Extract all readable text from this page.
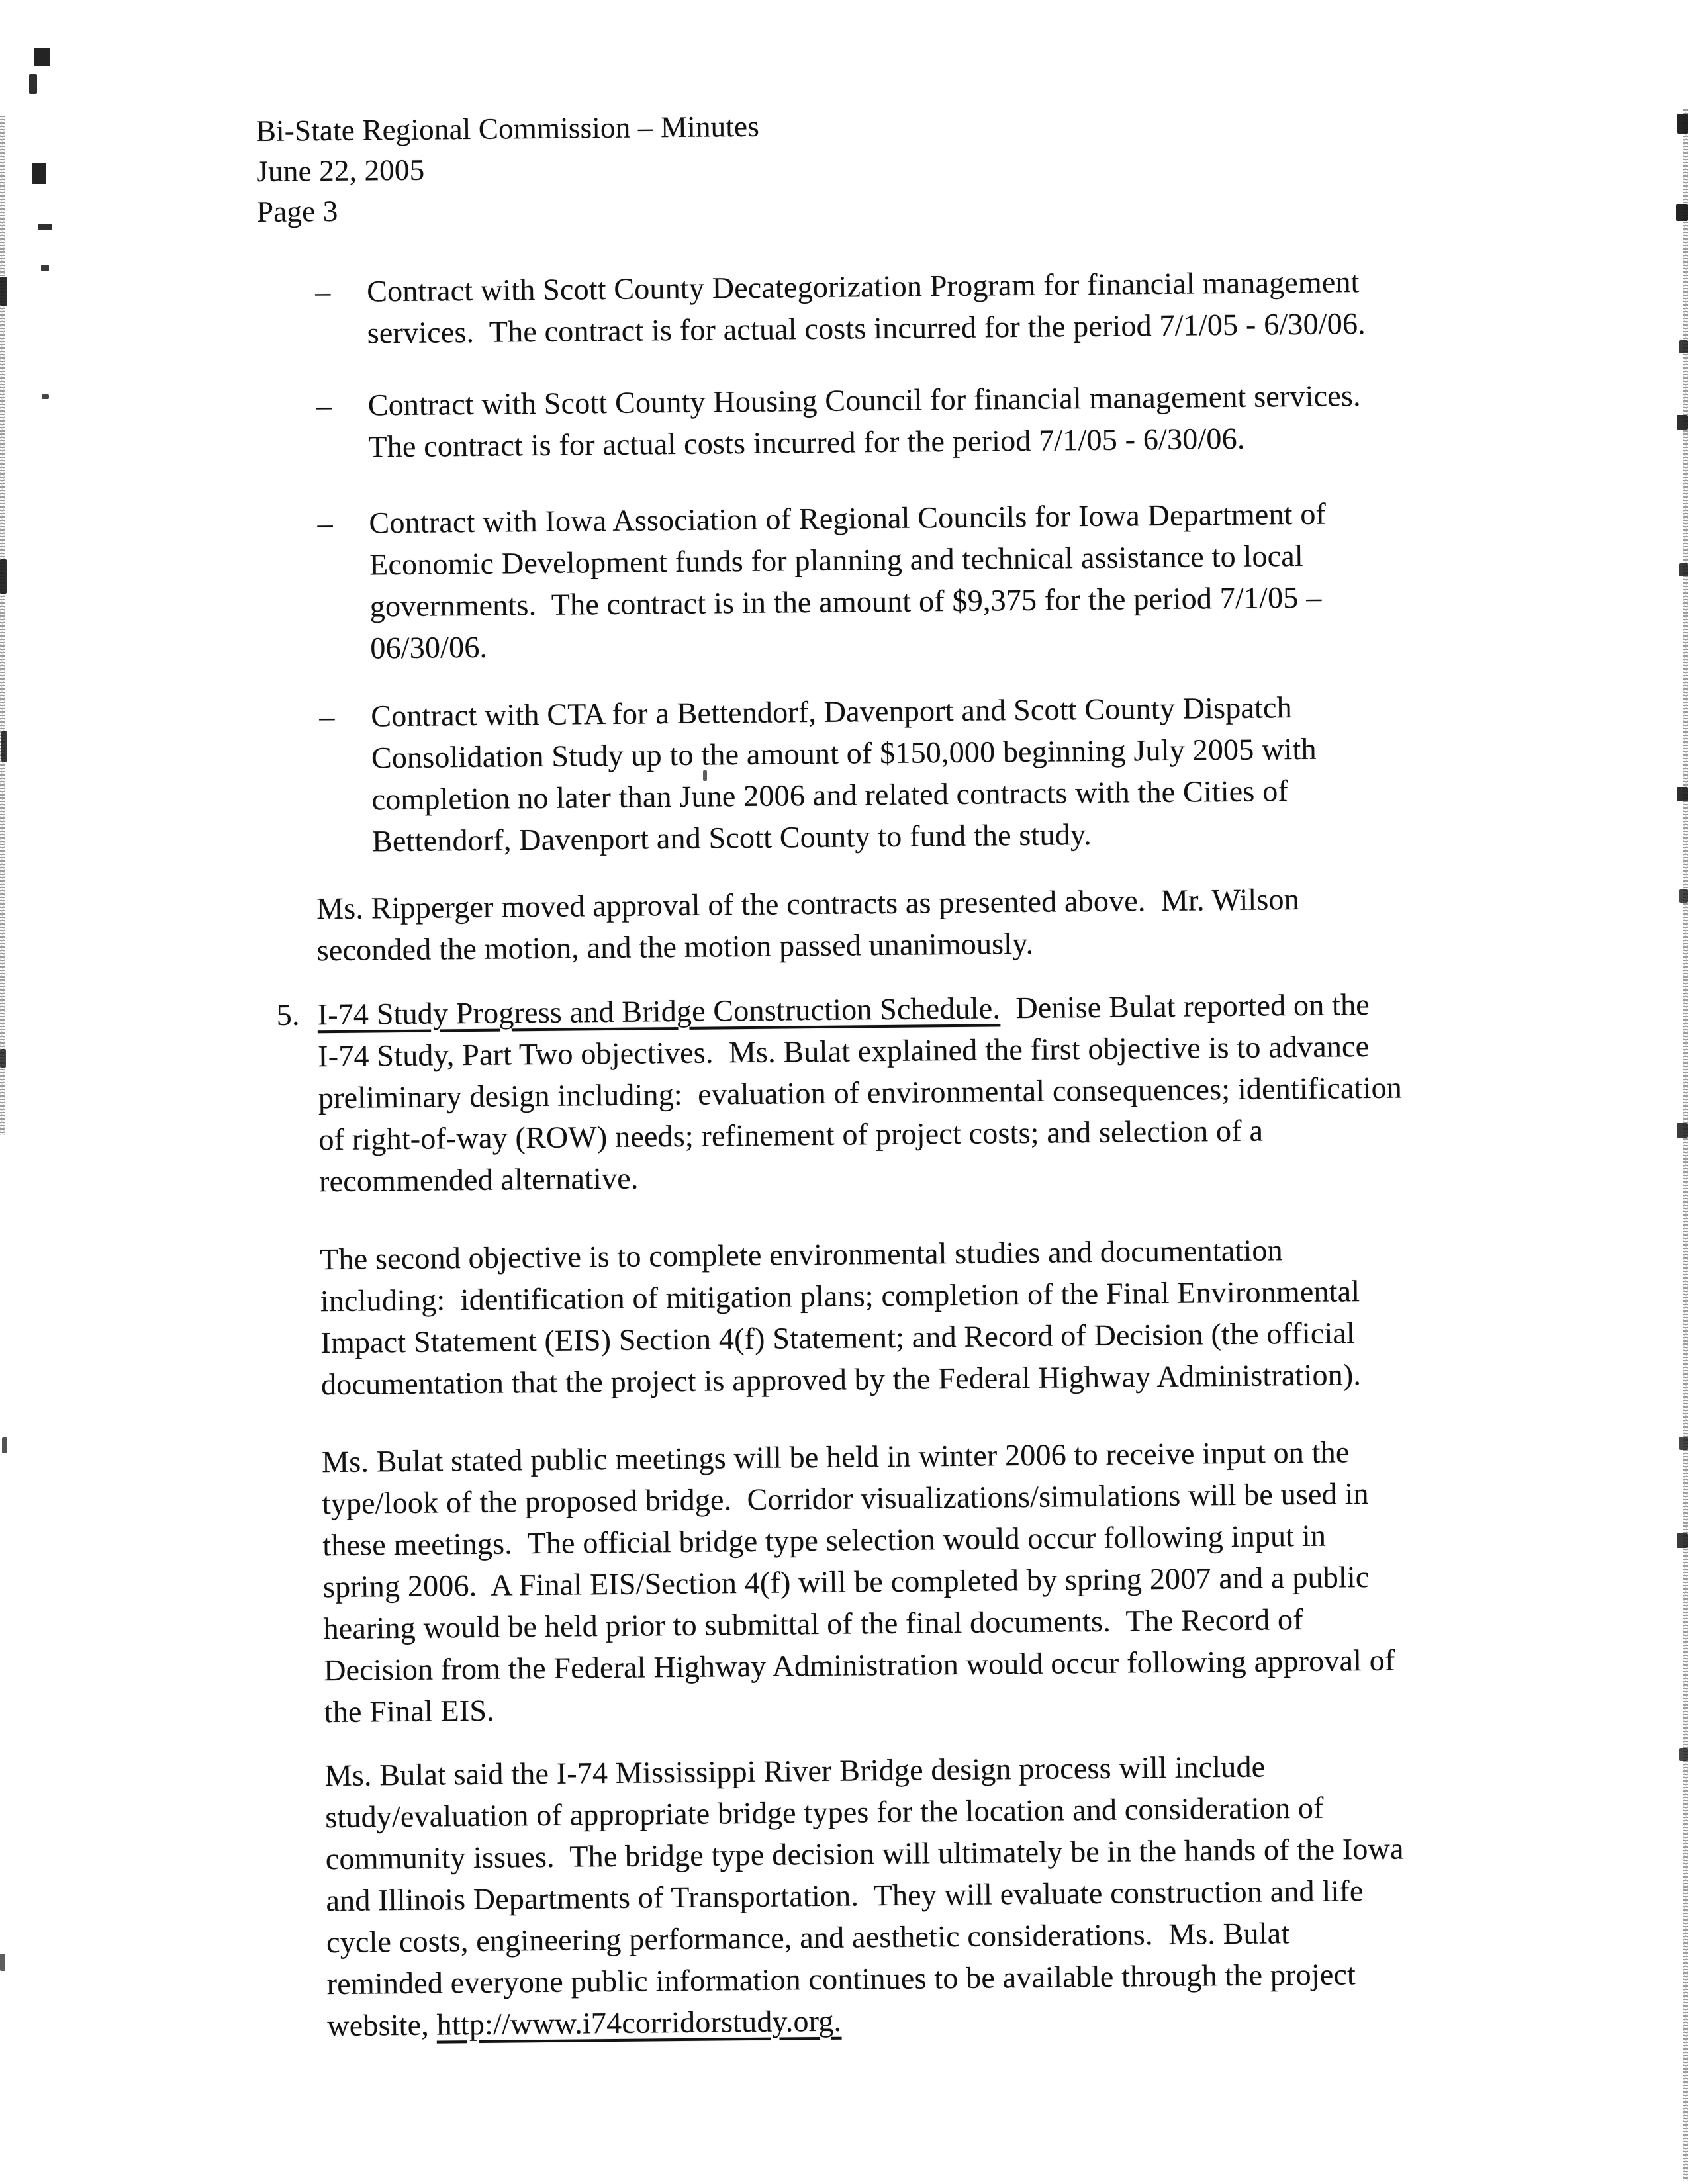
Bi-State Regional Commission – Minutes
June 22, 2005
Page 3
–	Contract with Scott County Decategorization Program for financial management
services.  The contract is for actual costs incurred for the period 7/1/05 - 6/30/06.
–	Contract with Scott County Housing Council for financial management services.
The contract is for actual costs incurred for the period 7/1/05 - 6/30/06.
–	Contract with Iowa Association of Regional Councils for Iowa Department of
Economic Development funds for planning and technical assistance to local
governments.  The contract is in the amount of $9,375 for the period 7/1/05 –
06/30/06.
–	Contract with CTA for a Bettendorf, Davenport and Scott County Dispatch
Consolidation Study up to the amount of $150,000 beginning July 2005 with
completion no later than June 2006 and related contracts with the Cities of
Bettendorf, Davenport and Scott County to fund the study.
Ms. Ripperger moved approval of the contracts as presented above.  Mr. Wilson
seconded the motion, and the motion passed unanimously.
5. I-74 Study Progress and Bridge Construction Schedule.  Denise Bulat reported on the
I-74 Study, Part Two objectives.  Ms. Bulat explained the first objective is to advance
preliminary design including:  evaluation of environmental consequences; identification
of right-of-way (ROW) needs; refinement of project costs; and selection of a
recommended alternative.
The second objective is to complete environmental studies and documentation
including:  identification of mitigation plans; completion of the Final Environmental
Impact Statement (EIS) Section 4(f) Statement; and Record of Decision (the official
documentation that the project is approved by the Federal Highway Administration).
Ms. Bulat stated public meetings will be held in winter 2006 to receive input on the
type/look of the proposed bridge.  Corridor visualizations/simulations will be used in
these meetings.  The official bridge type selection would occur following input in
spring 2006.  A Final EIS/Section 4(f) will be completed by spring 2007 and a public
hearing would be held prior to submittal of the final documents.  The Record of
Decision from the Federal Highway Administration would occur following approval of
the Final EIS.
Ms. Bulat said the I-74 Mississippi River Bridge design process will include
study/evaluation of appropriate bridge types for the location and consideration of
community issues.  The bridge type decision will ultimately be in the hands of the Iowa
and Illinois Departments of Transportation.  They will evaluate construction and life
cycle costs, engineering performance, and aesthetic considerations.  Ms. Bulat
reminded everyone public information continues to be available through the project
website, http://www.i74corridorstudy.org.
